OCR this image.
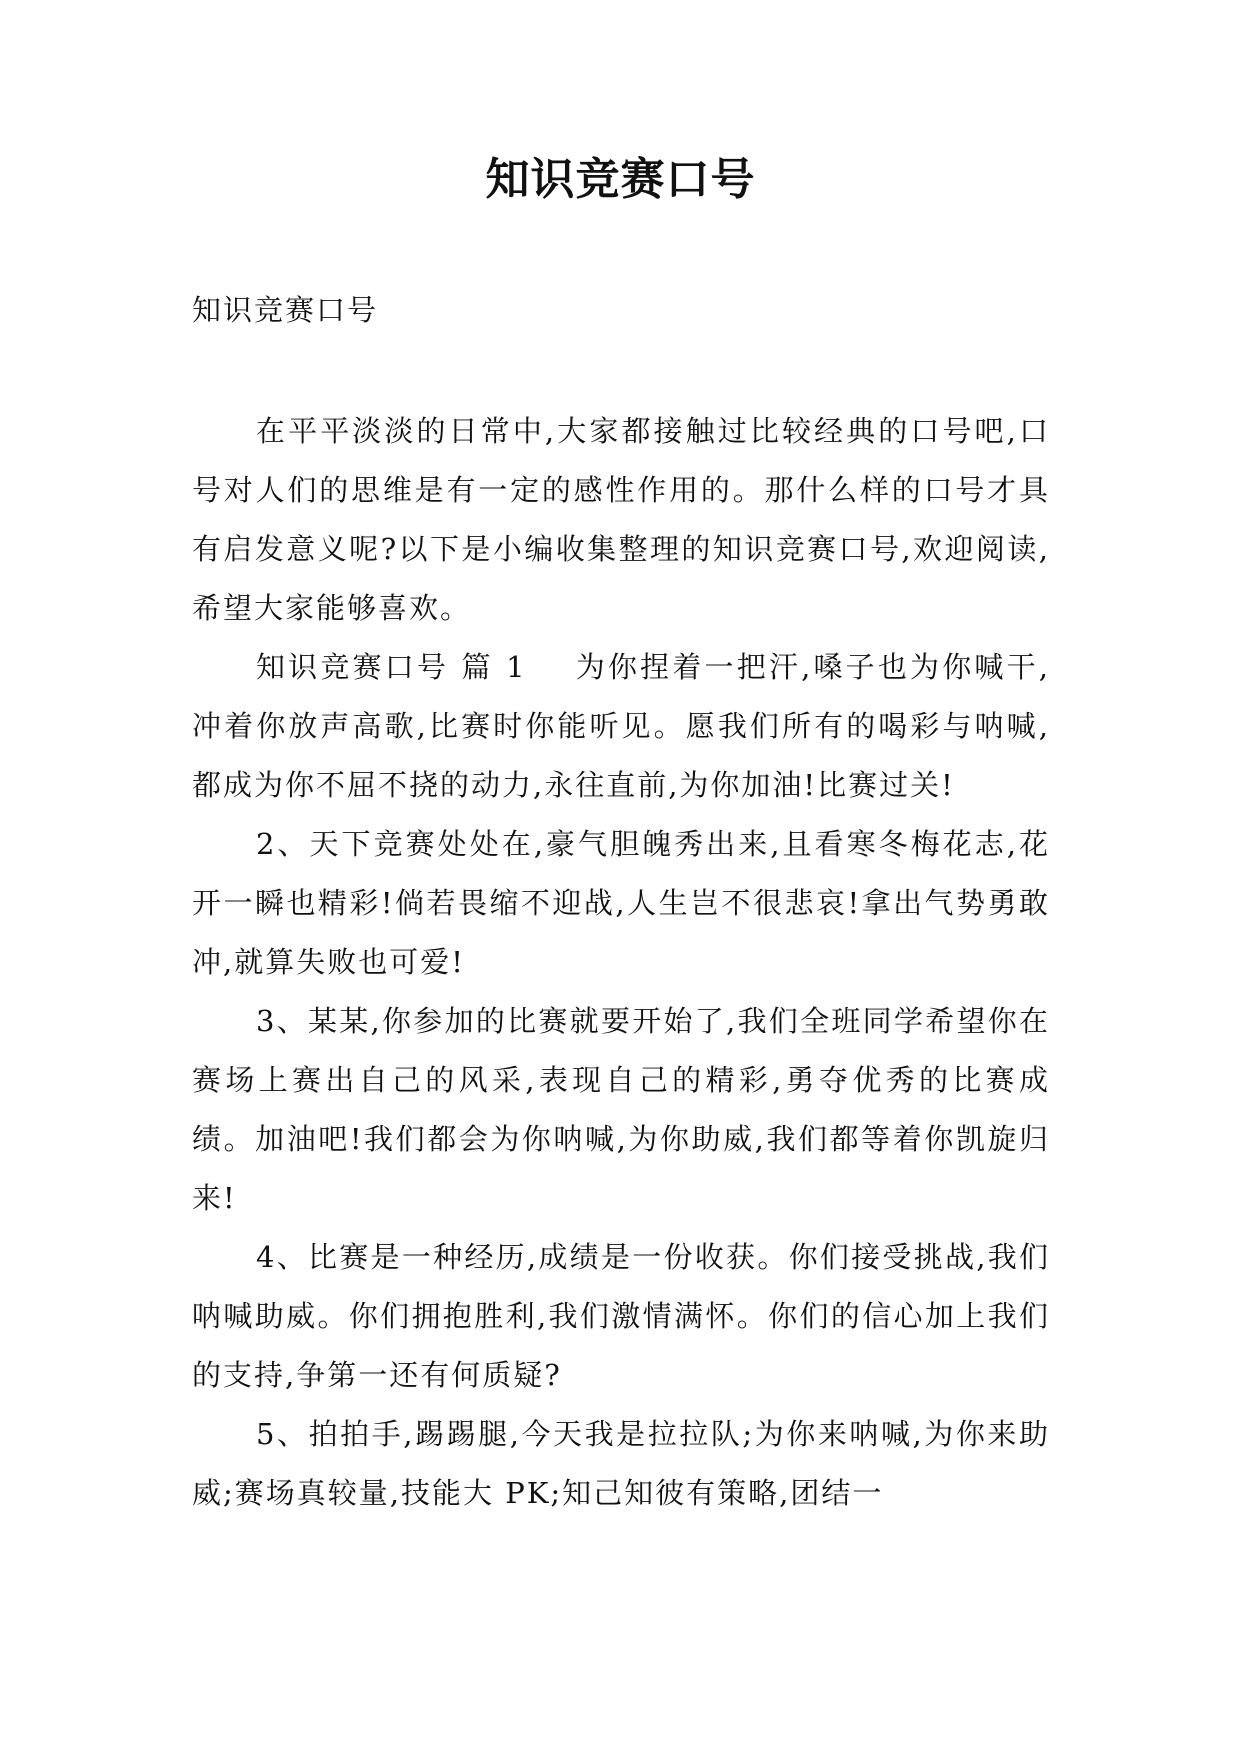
知识竞赛口号
知识竞赛口号

在平平淡淡的日常中,大家都接触过比较经典的口号吧,口号对人们的思维是有一定的感性作用的。那什么样的口号才具有启发意义呢?以下是小编收集整理的知识竞赛口号,欢迎阅读,希望大家能够喜欢。

知识竞赛口号 篇 1 为你捏着一把汗,嗓子也为你喊干,冲着你放声高歌,比赛时你能听见。愿我们所有的喝彩与呐喊,都成为你不屈不挠的动力,永往直前,为你加油!比赛过关!

2、天下竞赛处处在,豪气胆魄秀出来,且看寒冬梅花志,花开一瞬也精彩!倘若畏缩不迎战,人生岂不很悲哀!拿出气势勇敢冲,就算失败也可爱!

3、某某,你参加的比赛就要开始了,我们全班同学希望你在赛场上赛出自己的风采,表现自己的精彩,勇夺优秀的比赛成绩。加油吧!我们都会为你呐喊,为你助威,我们都等着你凯旋归来!

4、比赛是一种经历,成绩是一份收获。你们接受挑战,我们呐喊助威。你们拥抱胜利,我们激情满怀。你们的信心加上我们的支持,争第一还有何质疑?

5、拍拍手,踢踢腿,今天我是拉拉队;为你来呐喊,为你来助威;赛场真较量,技能大 PK;知己知彼有策略,团结一
